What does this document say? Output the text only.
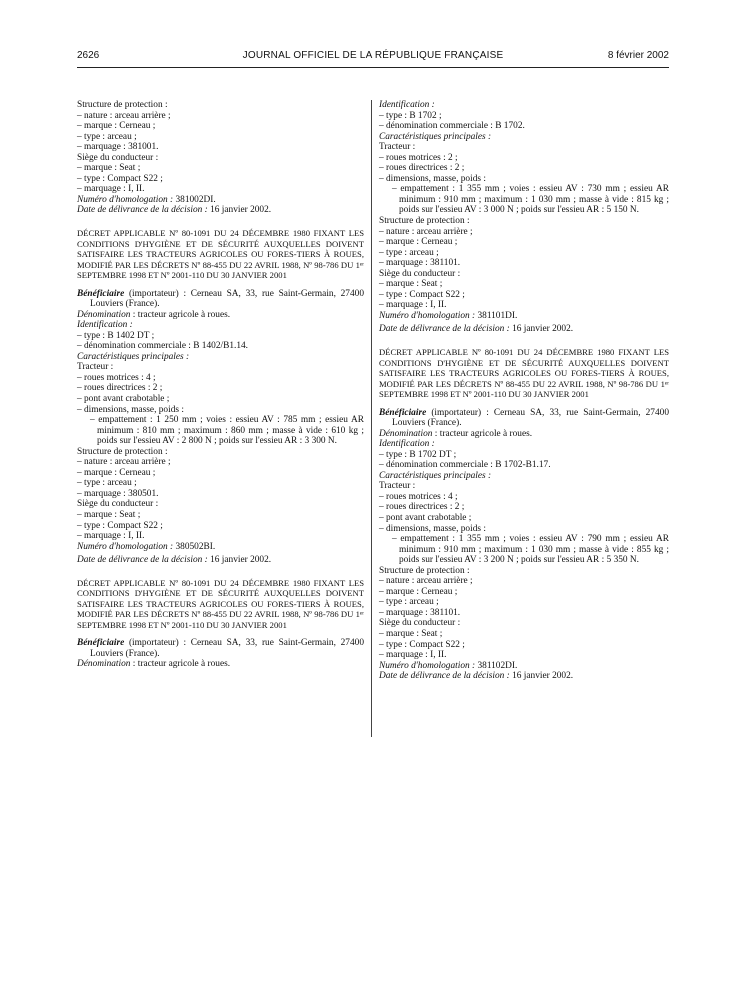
2626	JOURNAL OFFICIEL DE LA RÉPUBLIQUE FRANÇAISE	8 février 2002

Structure de protection :

– nature : arceau arrière ;

– marque : Cerneau ;

– type : arceau ;

– marquage : 381001.

Siège du conducteur :

– marque : Seat ;

– type : Compact S22 ;

– marquage : I, II.

Numéro d'homologation : 381002DI.

Date de délivrance de la décision : 16 janvier 2002.

DÉCRET APPLICABLE Nº 80-1091 DU 24 DÉCEMBRE 1980 FIXANT LES CONDITIONS D'HYGIÈNE ET DE SÉCURITÉ AUXQUELLES DOIVENT SATISFAIRE LES TRACTEURS AGRICOLES OU FORES-TIERS À ROUES, MODIFIÉ PAR LES DÉCRETS Nº 88-455 DU 22 AVRIL 1988, Nº 98-786 DU 1ᵉʳ SEPTEMBRE 1998 ET Nº 2001-110 DU 30 JANVIER 2001

Bénéficiaire (importateur) : Cerneau SA, 33, rue Saint-Germain, 27400 Louviers (France).

Dénomination : tracteur agricole à roues.

Identification :

– type : B 1402 DT ;

– dénomination commerciale : B 1402/B1.14.

Caractéristiques principales :

Tracteur :

– roues motrices : 4 ;

– roues directrices : 2 ;

– pont avant crabotable ;

– dimensions, masse, poids :

– empattement : 1 250 mm ; voies : essieu AV : 785 mm ; essieu AR minimum : 810 mm ; maximum : 860 mm ; masse à vide : 610 kg ; poids sur l'essieu AV : 2 800 N ; poids sur l'essieu AR : 3 300 N.

Structure de protection :

– nature : arceau arrière ;

– marque : Cerneau ;

– type : arceau ;

– marquage : 380501.

Siège du conducteur :

– marque : Seat ;

– type : Compact S22 ;

– marquage : I, II.

Numéro d'homologation : 380502BI.

Date de délivrance de la décision : 16 janvier 2002.

DÉCRET APPLICABLE Nº 80-1091 DU 24 DÉCEMBRE 1980 FIXANT LES CONDITIONS D'HYGIÈNE ET DE SÉCURITÉ AUXQUELLES DOIVENT SATISFAIRE LES TRACTEURS AGRICOLES OU FORES-TIERS À ROUES, MODIFIÉ PAR LES DÉCRETS Nº 88-455 DU 22 AVRIL 1988, Nº 98-786 DU 1ᵉʳ SEPTEMBRE 1998 ET Nº 2001-110 DU 30 JANVIER 2001

Bénéficiaire (importateur) : Cerneau SA, 33, rue Saint-Germain, 27400 Louviers (France).

Dénomination : tracteur agricole à roues.

Identification :

– type : B 1702 ;

– dénomination commerciale : B 1702.

Caractéristiques principales :

Tracteur :

– roues motrices : 2 ;

– roues directrices : 2 ;

– dimensions, masse, poids :

– empattement : 1 355 mm ; voies : essieu AV : 730 mm ; essieu AR minimum : 910 mm ; maximum : 1 030 mm ; masse à vide : 815 kg ; poids sur l'essieu AV : 3 000 N ; poids sur l'essieu AR : 5 150 N.

Structure de protection :

– nature : arceau arrière ;

– marque : Cerneau ;

– type : arceau ;

– marquage : 381101.

Siège du conducteur :

– marque : Seat ;

– type : Compact S22 ;

– marquage : I, II.

Numéro d'homologation : 381101DI.

Date de délivrance de la décision : 16 janvier 2002.

DÉCRET APPLICABLE Nº 80-1091 DU 24 DÉCEMBRE 1980 FIXANT LES CONDITIONS D'HYGIÈNE ET DE SÉCURITÉ AUXQUELLES DOIVENT SATISFAIRE LES TRACTEURS AGRICOLES OU FORES-TIERS À ROUES, MODIFIÉ PAR LES DÉCRETS Nº 88-455 DU 22 AVRIL 1988, Nº 98-786 DU 1ᵉʳ SEPTEMBRE 1998 ET Nº 2001-110 DU 30 JANVIER 2001

Bénéficiaire (importateur) : Cerneau SA, 33, rue Saint-Germain, 27400 Louviers (France).

Dénomination : tracteur agricole à roues.

Identification :

– type : B 1702 DT ;

– dénomination commerciale : B 1702-B1.17.

Caractéristiques principales :

Tracteur :

– roues motrices : 4 ;

– roues directrices : 2 ;

– pont avant crabotable ;

– dimensions, masse, poids :

– empattement : 1 355 mm ; voies : essieu AV : 790 mm ; essieu AR minimum : 910 mm ; maximum : 1 030 mm ; masse à vide : 855 kg ; poids sur l'essieu AV : 3 200 N ; poids sur l'essieu AR : 5 350 N.

Structure de protection :

– nature : arceau arrière ;

– marque : Cerneau ;

– type : arceau ;

– marquage : 381101.

Siège du conducteur :

– marque : Seat ;

– type : Compact S22 ;

– marquage : I, II.

Numéro d'homologation : 381102DI.

Date de délivrance de la décision : 16 janvier 2002.
